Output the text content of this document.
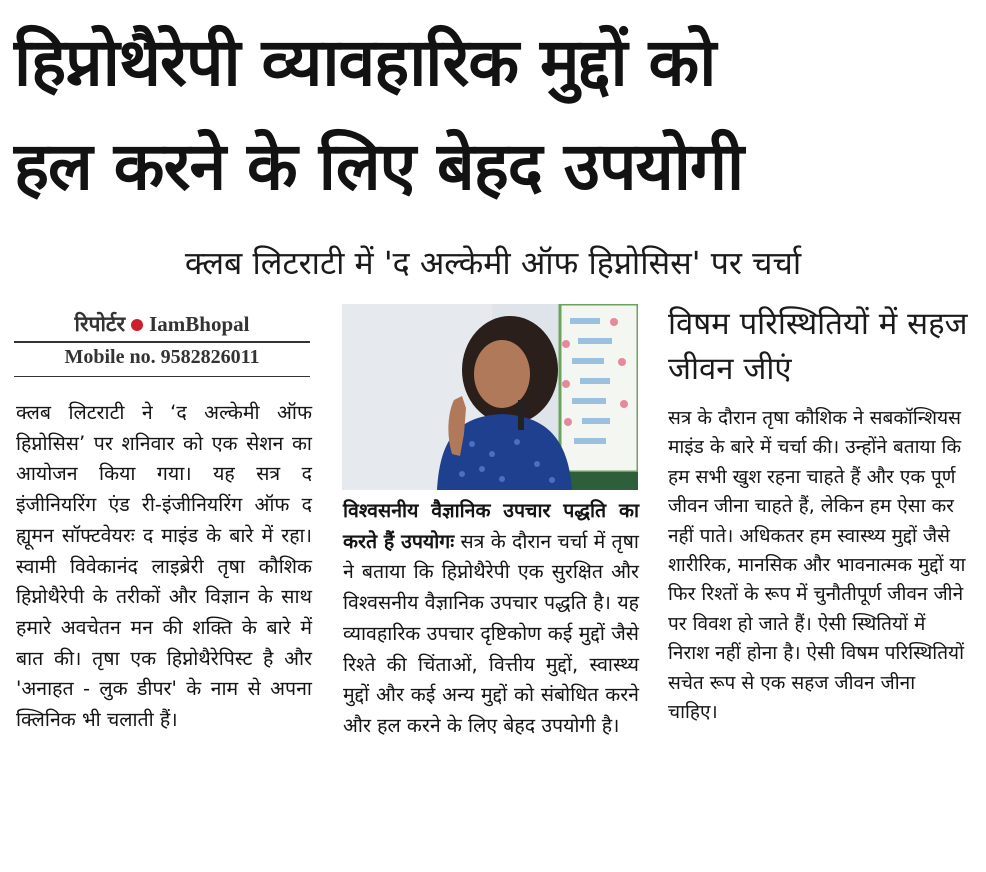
हिप्नोथैरेपी व्यावहारिक मुद्दों को
हल करने के लिए बेहद उपयोगी
क्लब लिटराटी में 'द अल्केमी ऑफ हिप्नोसिस' पर चर्चा
रिपोर्टर IamBhopal
Mobile no. 9582826011

क्लब लिटराटी ने ‘द अल्केमी ऑफ हिप्नोसिस’ पर शनिवार को एक सेशन का आयोजन किया गया। यह सत्र द इंजीनियरिंग एंड री-इंजीनियरिंग ऑफ द ह्यूमन सॉफ्टवेयरः द माइंड के बारे में रहा। स्वामी विवेकानंद लाइब्रेरी तृषा कौशिक हिप्नोथैरेपी के तरीकों और विज्ञान के साथ हमारे अवचेतन मन की शक्ति के बारे में बात की। तृषा एक हिप्नोथैरेपिस्ट है और 'अनाहत - लुक डीपर' के नाम से अपना क्लिनिक भी चलाती हैं।

विश्वसनीय वैज्ञानिक उपचार पद्धति का करते हैं उपयोगः सत्र के दौरान चर्चा में तृषा ने बताया कि हिप्नोथैरेपी एक सुरक्षित और विश्वसनीय वैज्ञानिक उपचार पद्धति है। यह व्यावहारिक उपचार दृष्टिकोण कई मुद्दों जैसे रिश्ते की चिंताओं, वित्तीय मुद्दों, स्वास्थ्य मुद्दों और कई अन्य मुद्दों को संबोधित करने और हल करने के लिए बेहद उपयोगी है।

विषम परिस्थितियों में सहज जीवन जीएं

सत्र के दौरान तृषा कौशिक ने सबकॉन्शियस माइंड के बारे में चर्चा की। उन्होंने बताया कि हम सभी खुश रहना चाहते हैं और एक पूर्ण जीवन जीना चाहते हैं, लेकिन हम ऐसा कर नहीं पाते। अधिकतर हम स्वास्थ्य मुद्दों जैसे शारीरिक, मानसिक और भावनात्मक मुद्दों या फिर रिश्तों के रूप में चुनौतीपूर्ण जीवन जीने पर विवश हो जाते हैं। ऐसी स्थितियों में निराश नहीं होना है। ऐसी विषम परिस्थितियों सचेत रूप से एक सहज जीवन जीना चाहिए।
